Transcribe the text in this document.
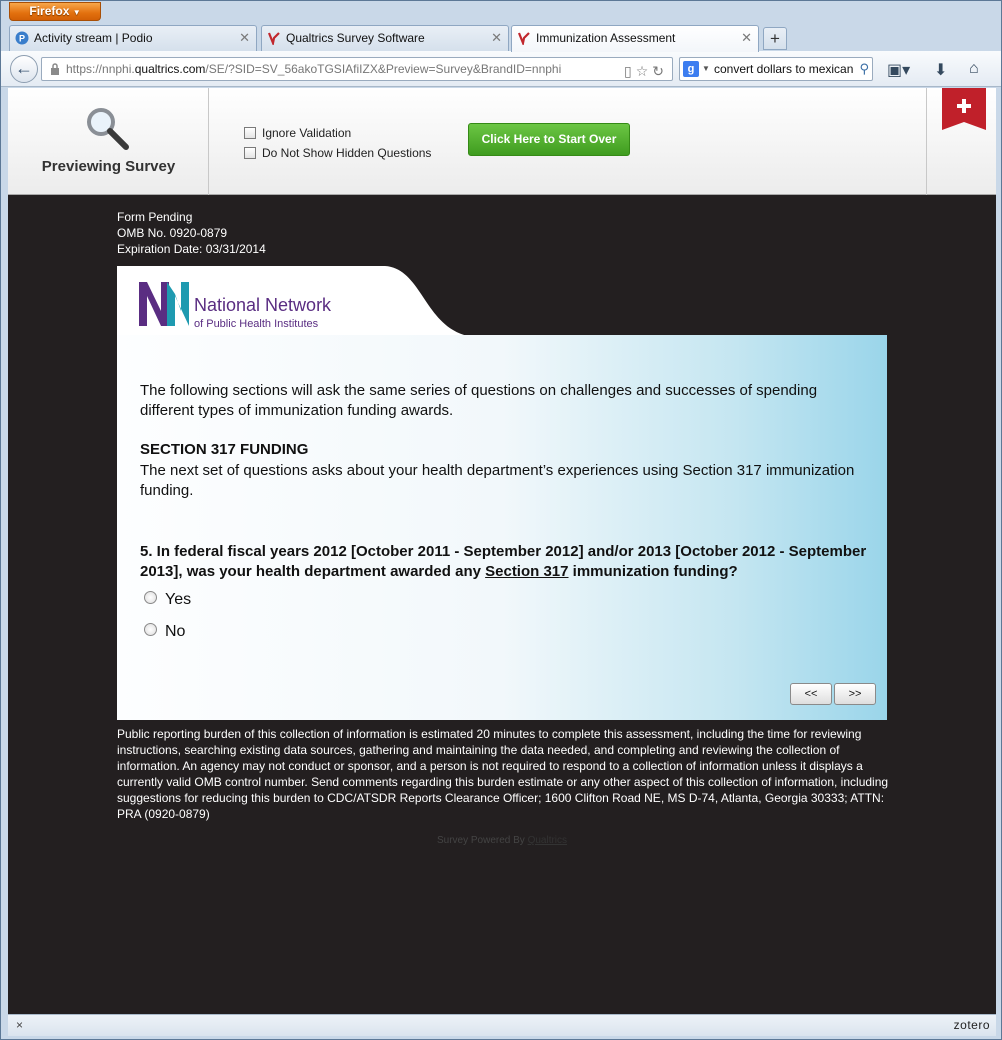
Firefox ▼
P Activity stream | Podio	✕	Qualtrics Survey Software	✕	Immunization Assessment	✕	+
←	https://nnphi.qualtrics.com/SE/?SID=SV_56akoTGSIAfiIZX&Preview=Survey&BrandID=nnphi	▯☆↻	g ▼ convert dollars to mexican ⚲ ▣▾ ⬇ ⌂
Previewing Survey
Ignore Validation
Do Not Show Hidden Questions
Click Here to Start Over
Form Pending
OMB No. 0920-0879
Expiration Date: 03/31/2014
National Network
of Public Health Institutes
The following sections will ask the same series of questions on challenges and successes of spending different types of immunization funding awards.
SECTION 317 FUNDING
The next set of questions asks about your health department’s experiences using Section 317 immunization funding.
5. In federal fiscal years 2012 [October 2011 - September 2012] and/or 2013 [October 2012 - September 2013], was your health department awarded any Section 317 immunization funding?
Yes
No
<<	>>
Public reporting burden of this collection of information is estimated 20 minutes to complete this assessment, including the time for reviewing instructions, searching existing data sources, gathering and maintaining the data needed, and completing and reviewing the collection of information. An agency may not conduct or sponsor, and a person is not required to respond to a collection of information unless it displays a currently valid OMB control number. Send comments regarding this burden estimate or any other aspect of this collection of information, including suggestions for reducing this burden to CDC/ATSDR Reports Clearance Officer; 1600 Clifton Road NE, MS D-74, Atlanta, Georgia 30333; ATTN: PRA (0920-0879)
Survey Powered By Qualtrics
×	zotero
